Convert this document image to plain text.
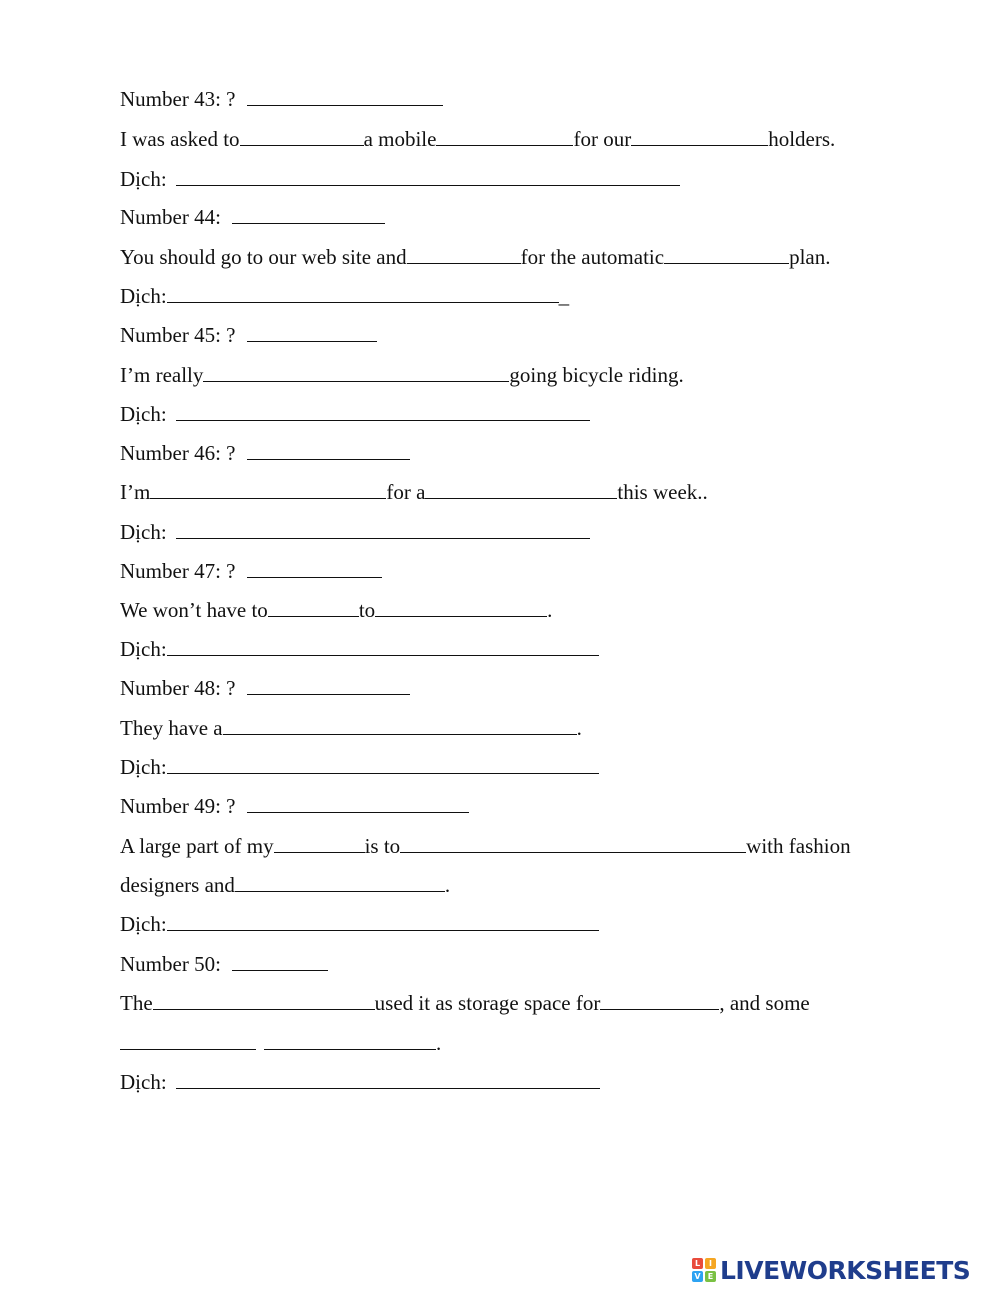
Number 43: ?
I was asked to	a mobile	for our	holders.
Dịch:
Number 44:
You should go to our web site and	for the automatic	plan.
Dịch:	_
Number 45: ?
I’m really	going bicycle riding.
Dịch:
Number 46: ?
I’m	for a	this week..
Dịch:
Number 47: ?
We won’t have to	to	.
Dịch:
Number 48: ?
They have a	.
Dịch:
Number 49: ?
A large part of my	is to	with fashion
designers and	.
Dịch:
Number 50:
The	used it as storage space for	, and some
.
Dịch:
L	I
V E LIVEWORKSHEETS
